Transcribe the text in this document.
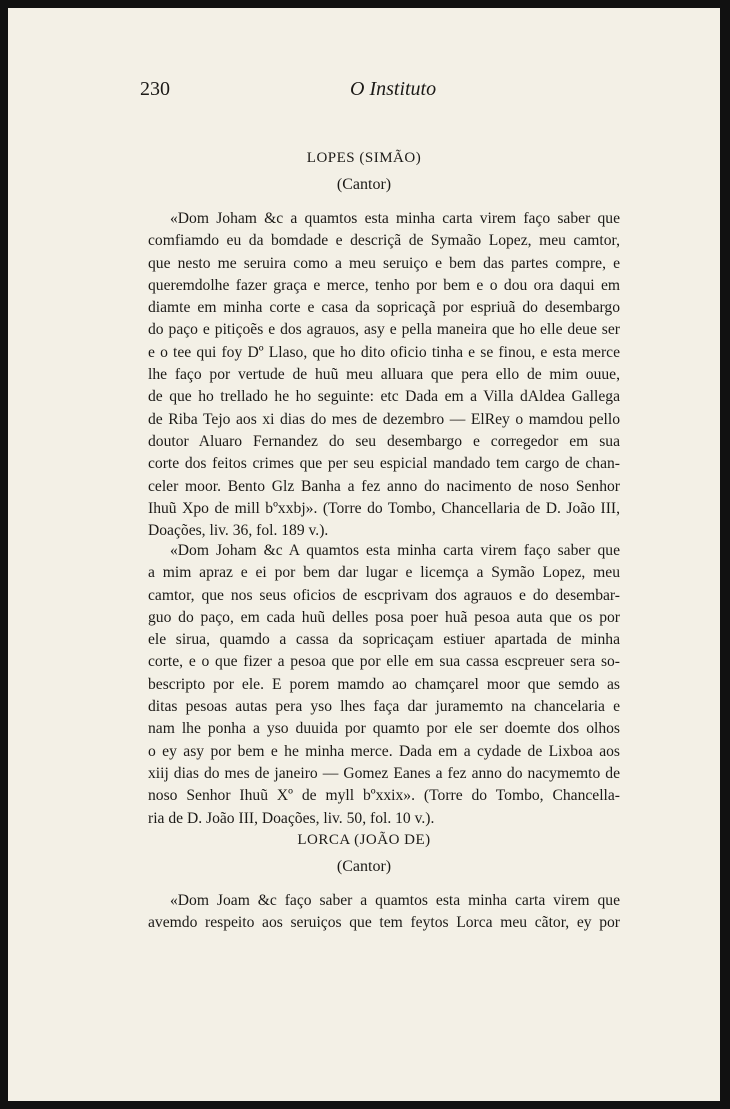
230	O Instituto
LOPES (SIMÃO)
(Cantor)
«Dom Joham &c a quamtos esta minha carta virem faço saber que
comfiamdo eu da bomdade e descriçã de Symaão Lopez, meu camtor,
que nesto me seruira como a meu seruiço e bem das partes compre, e
queremdolhe fazer graça e merce, tenho por bem e o dou ora daqui em
diamte em minha corte e casa da sopricaçã por espriuã do desembargo
do paço e pitiçoẽs e dos agrauos, asy e pella maneira que ho elle deue ser
e o tee qui foy Dº Llaso, que ho dito oficio tinha e se finou, e esta merce
lhe faço por vertude de huũ meu alluara que pera ello de mim ouue,
de que ho trellado he ho seguinte: etc Dada em a Villa dAldea Gallega
de Riba Tejo aos xi dias do mes de dezembro — ElRey o mamdou pello
doutor Aluaro Fernandez do seu desembargo e corregedor em sua
corte dos feitos crimes que per seu espicial mandado tem cargo de chan-
celer moor. Bento Glz Banha a fez anno do nacimento de noso Senhor
Ihuũ Xpo de mill bºxxbj». (Torre do Tombo, Chancellaria de D. João III,
Doações, liv. 36, fol. 189 v.).
«Dom Joham &c A quamtos esta minha carta virem faço saber que
a mim apraz e ei por bem dar lugar e licemça a Symão Lopez, meu
camtor, que nos seus oficios de escprivam dos agrauos e do desembar-
guo do paço, em cada huũ delles posa poer huã pesoa auta que os por
ele sirua, quamdo a cassa da sopricaçam estiuer apartada de minha
corte, e o que fizer a pesoa que por elle em sua cassa escpreuer sera so-
bescripto por ele. E porem mamdo ao chamçarel moor que semdo as
ditas pesoas autas pera yso lhes faça dar juramemto na chancelaria e
nam lhe ponha a yso duuida por quamto por ele ser doemte dos olhos
o ey asy por bem e he minha merce. Dada em a cydade de Lixboa aos
xiij dias do mes de janeiro — Gomez Eanes a fez anno do nacymemto de
noso Senhor Ihuũ Xº de myll bºxxix». (Torre do Tombo, Chancella-
ria de D. João III, Doações, liv. 50, fol. 10 v.).
LORCA (JOÃO DE)
(Cantor)
«Dom Joam &c faço saber a quamtos esta minha carta virem que
avemdo respeito aos seruiços que tem feytos Lorca meu cãtor, ey por
